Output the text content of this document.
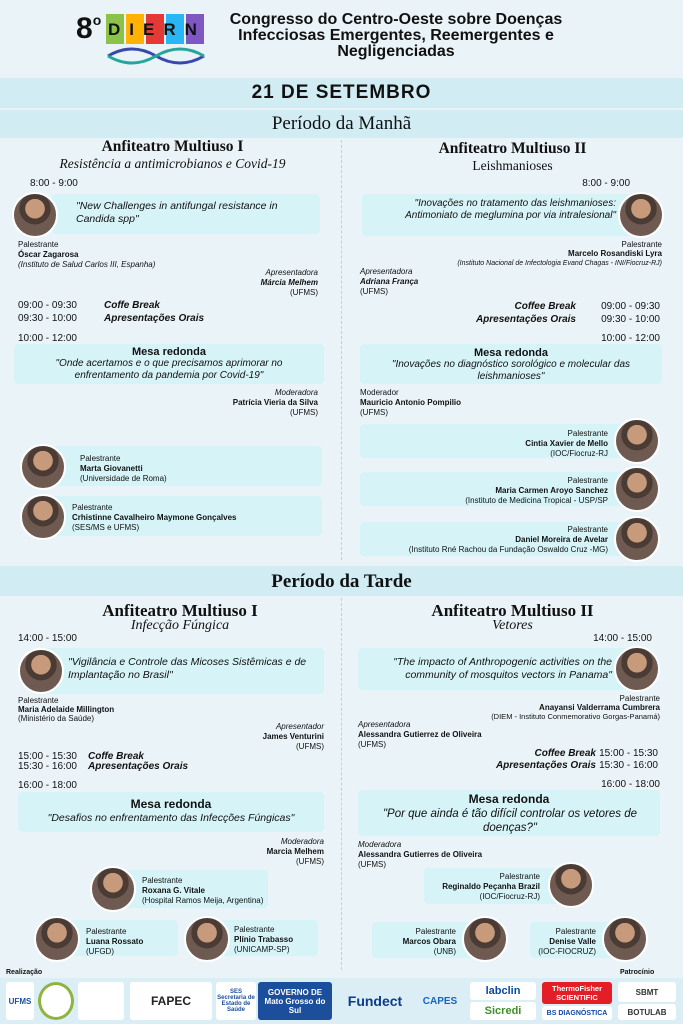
8$^o$ DIERN
Congresso do Centro-Oeste sobre Doenças
Infecciosas Emergentes, Reemergentes e
Negligenciadas
21 DE SETEMBRO
Período da Manhã
Anfiteatro Multiuso I
Resistência a antimicrobianos e Covid-19
8:00 - 9:00
"New Challenges in antifungal resistance in Candida spp"
Palestrante
Óscar Zagarosa
(Instituto de Salud Carlos III, Espanha)
Apresentadora
Márcia Melhem
(UFMS)
09:00 - 09:30	Coffe Break
09:30 - 10:00	Apresentações Orais
10:00 - 12:00
Mesa redonda
"Onde acertamos e o que precisamos aprimorar no enfrentamento da pandemia por Covid-19"
Moderadora
Patrícia Vieria da Silva
(UFMS)
Palestrante
Marta Giovanetti
(Universidade de Roma)
Palestrante
Crhistinne Cavalheiro Maymone Gonçalves
(SES/MS e UFMS)
Anfiteatro Multiuso II
Leishmanioses
8:00 - 9:00
"Inovações no tratamento das leishmanioses: Antimoniato de meglumina por via intralesional"
Palestrante
Marcelo Rosandiski Lyra
(Instituto Nacional de Infectologia Evand Chagas - INI/Fiocruz-RJ)
Apresentadora
Adriana França
(UFMS)
Coffee Break	09:00 - 09:30
Apresentações Orais	09:30 - 10:00
10:00 - 12:00
Mesa redonda
"Inovações no diagnóstico sorológico e molecular das leishmanioses"
Moderador
Mauricio Antonio Pompilio
(UFMS)
Palestrante
Cintia Xavier de Mello
(IOC/Fiocruz-RJ
Palestrante
Maria Carmen Aroyo Sanchez
(Instituto de Medicina Tropical - USP/SP
Palestrante
Daniel Moreira de Avelar
(Instituto Rné Rachou da Fundação Oswaldo Cruz -MG)
Período da Tarde
Anfiteatro Multiuso I
Infecção Fúngica
14:00 - 15:00
"Vigilância e Controle das Micoses Sistêmicas e de Implantação no Brasil"
Palestrante
Maria Adelaide Millington
(Ministério da Saúde)
Apresentador
James Venturini
(UFMS)
15:00 - 15:30 Coffe Break
15:30 - 16:00 Apresentações Orais
16:00 - 18:00
Mesa redonda
"Desafios no enfrentamento das Infecções Fúngicas"
Moderadora
Marcia Melhem
(UFMS)
Palestrante
Roxana G. Vitale
(Hospital Ramos Meija, Argentina)
Palestrante
Luana Rossato
(UFGD)
Palestrante
Plínio Trabasso
(UNICAMP-SP)
Anfiteatro Multiuso II
Vetores
14:00 - 15:00
"The impacto of Anthropogenic activities on the community of mosquitos vectors in Panama"
Palestrante
Anayansi Valderrama Cumbrera
(DIEM - Instituto Conmemorativo Gorgas-Panamá)
Apresentadora
Alessandra Gutierrez de Oliveira
(UFMS)
Coffee Break 15:00 - 15:30
Apresentações Orais 15:30 - 16:00
16:00 - 18:00
Mesa redonda
"Por que ainda é tão difícil controlar os vetores de doenças?"
Moderadora
Alessandra Gutierres de Oliveira
(UFMS)
Palestrante
Reginaldo Peçanha Brazil
(IOC/Fiocruz-RJ)
Palestrante
Marcos Obara
(UNB)
Palestrante
Denise Valle
(IOC-FIOCRUZ)
Realização	Patrocínio
UFMS	FAPEC
SES Secretaria de Estado de Saúde
GOVERNO DE Mato Grosso do Sul
Fundect	CAPES
labclin
Sicredi
ThermoFisher SCIENTIFIC
BS DIAGNÓSTICA
SBMT
BOTULAB
